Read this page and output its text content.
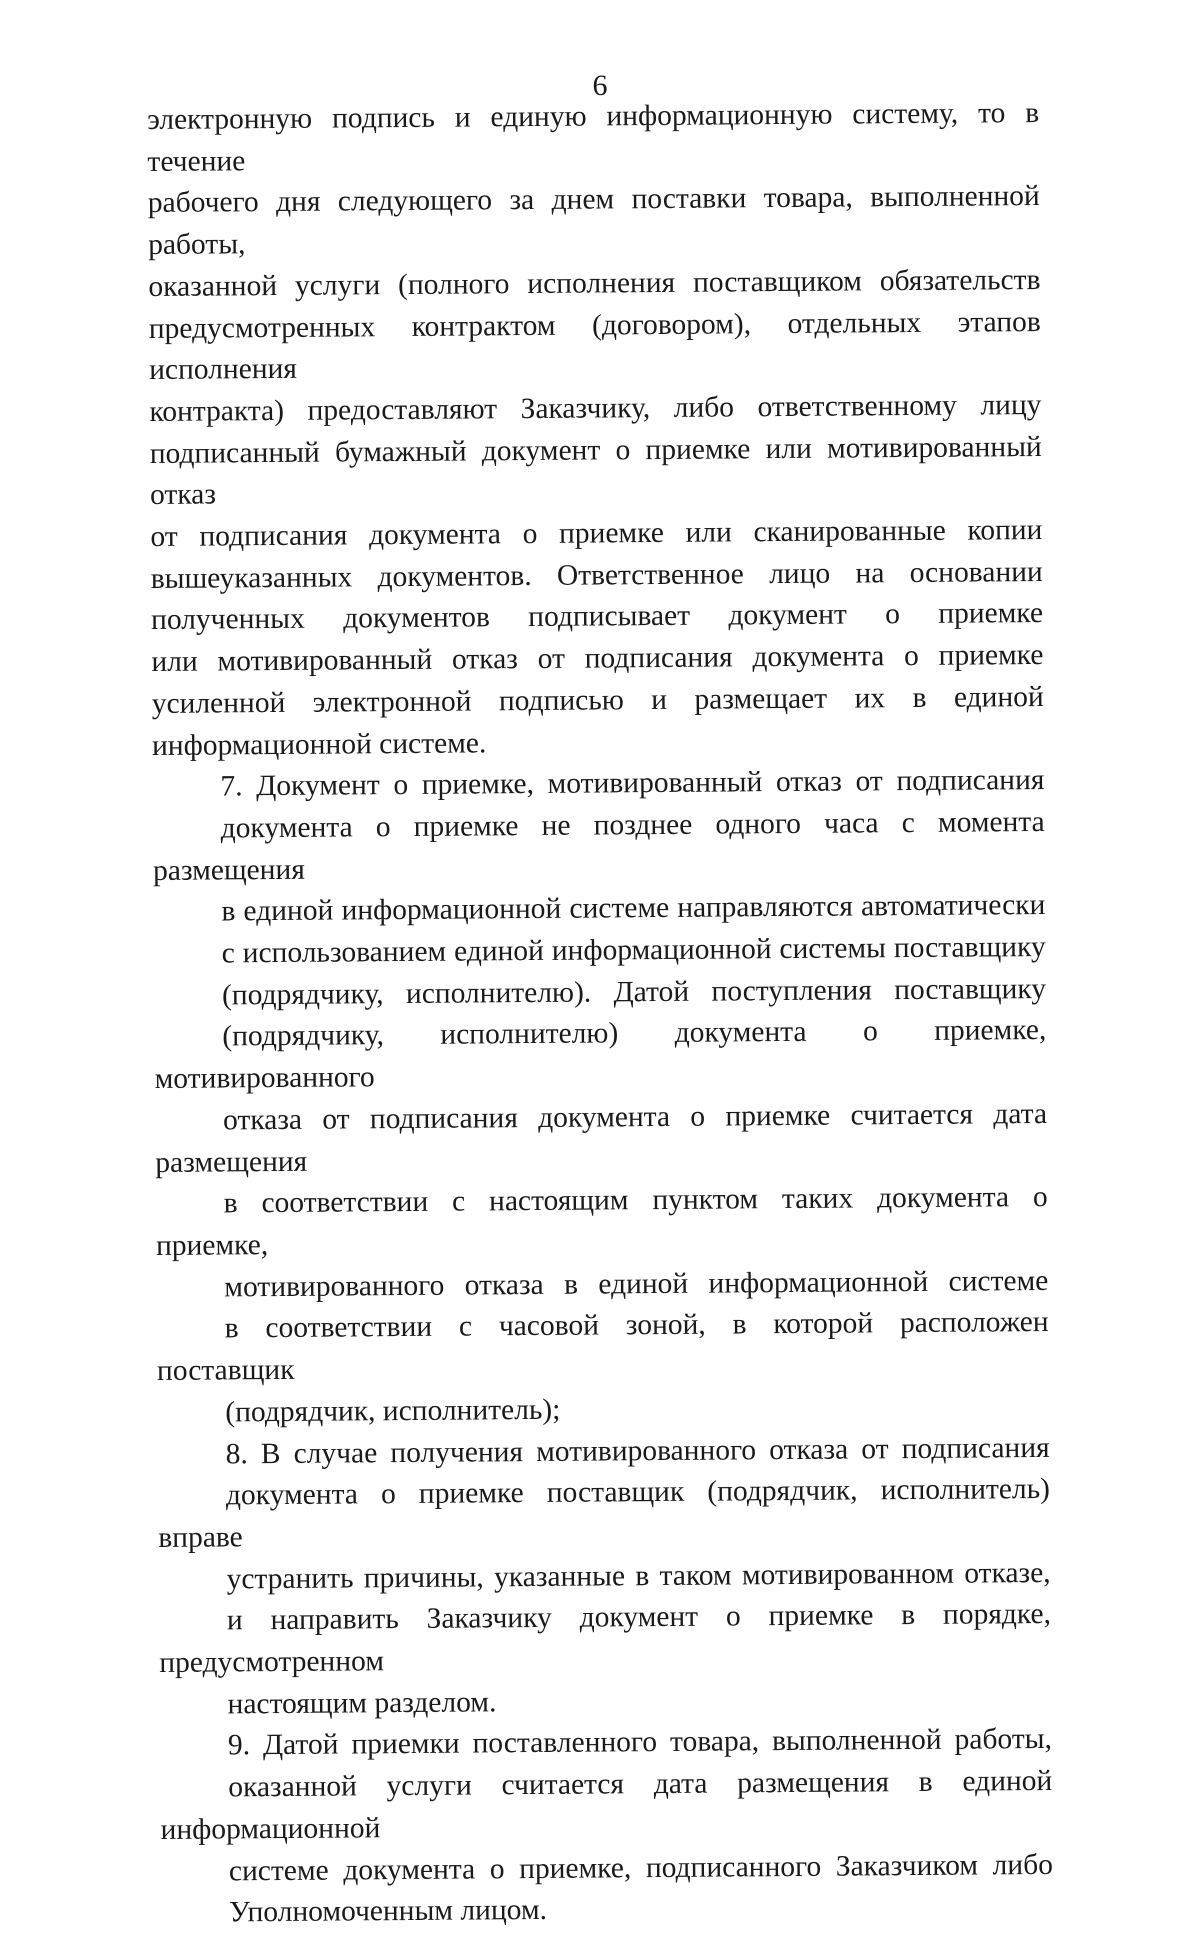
6
электронную подпись и единую информационную систему, то в течение
рабочего дня следующего за днем поставки товара, выполненной работы,
оказанной услуги (полного исполнения поставщиком обязательств
предусмотренных контрактом (договором), отдельных этапов исполнения
контракта) предоставляют Заказчику, либо ответственному лицу
подписанный бумажный документ о приемке или мотивированный отказ
от подписания документа о приемке или сканированные копии
вышеуказанных документов. Ответственное лицо на основании
полученных документов подписывает документ о приемке
или мотивированный отказ от подписания документа о приемке
усиленной электронной подписью и размещает их в единой
информационной системе.
7. Документ о приемке, мотивированный отказ от подписания
документа о приемке не позднее одного часа с момента размещения
в единой информационной системе направляются автоматически
с использованием единой информационной системы поставщику
(подрядчику, исполнителю). Датой поступления поставщику
(подрядчику, исполнителю) документа о приемке, мотивированного
отказа от подписания документа о приемке считается дата размещения
в соответствии с настоящим пунктом таких документа о приемке,
мотивированного отказа в единой информационной системе
в соответствии с часовой зоной, в которой расположен поставщик
(подрядчик, исполнитель);
8. В случае получения мотивированного отказа от подписания
документа о приемке поставщик (подрядчик, исполнитель) вправе
устранить причины, указанные в таком мотивированном отказе,
и направить Заказчику документ о приемке в порядке, предусмотренном
настоящим разделом.
9. Датой приемки поставленного товара, выполненной работы,
оказанной услуги считается дата размещения в единой информационной
системе документа о приемке, подписанного Заказчиком либо
Уполномоченным лицом.
